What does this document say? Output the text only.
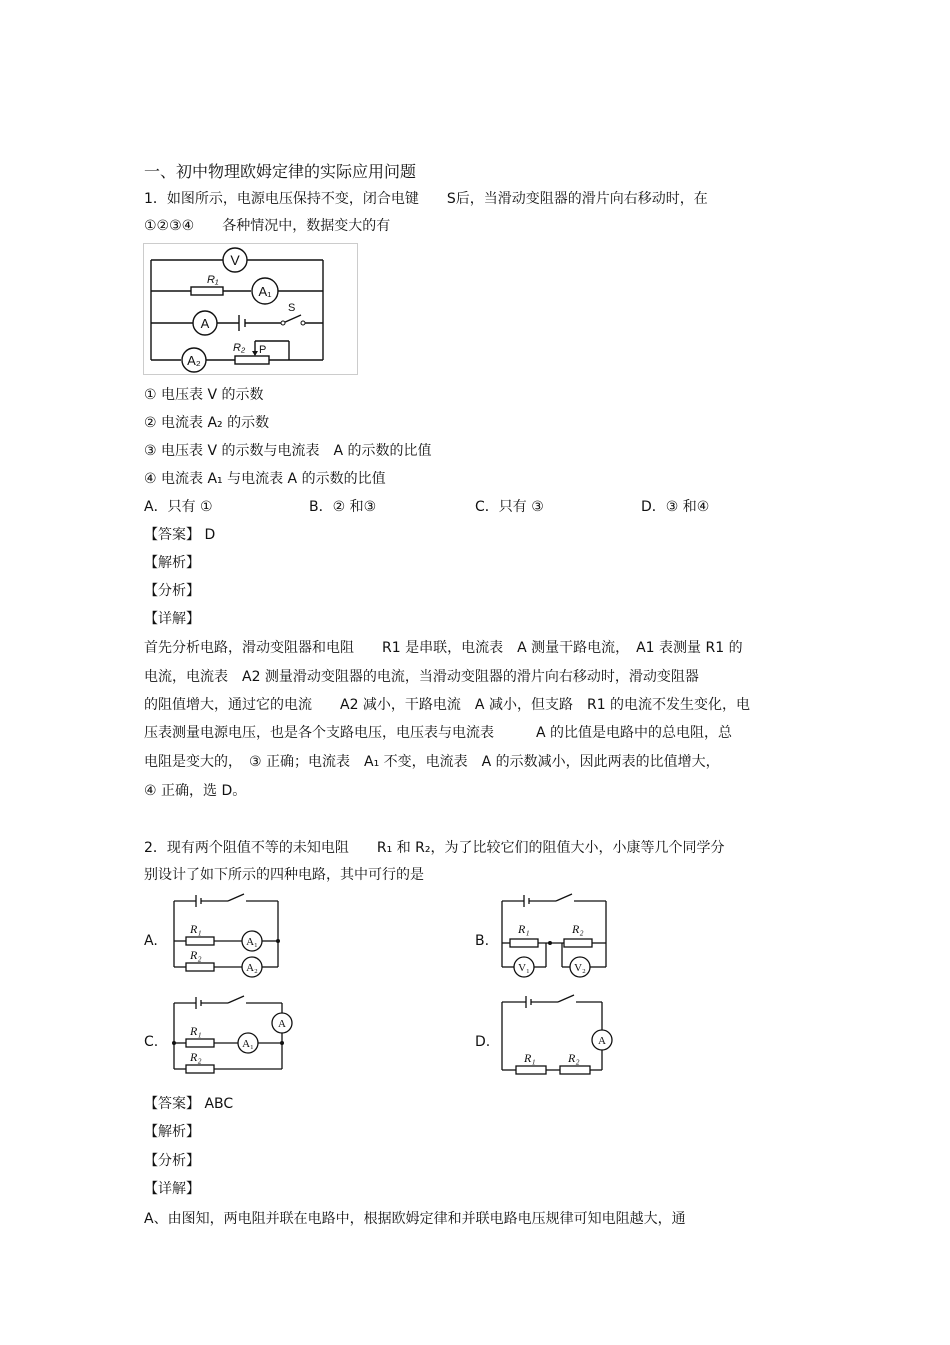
一、初中物理欧姆定律的实际应用问题
1．如图所示，电源电压保持不变，闭合电键　　S后，当滑动变阻器的滑片向右移动时，在
①②③④　　各种情况中，数据变大的有
V
R₁
A₁
A
S
A₂
R₂ P
① 电压表 V 的示数
② 电流表 A₂ 的示数
③ 电压表 V 的示数与电流表　A 的示数的比值
④ 电流表 A₁ 与电流表 A 的示数的比值
A．只有 ①	B．② 和③	C．只有 ③	D．③ 和④
【答案】 D
【解析】
【分析】
【详解】
首先分析电路，滑动变阻器和电阻　　R1 是串联，电流表　A 测量干路电流，　A1 表测量 R1 的
电流，电流表　A2 测量滑动变阻器的电流，当滑动变阻器的滑片向右移动时，滑动变阻器
的阻值增大，通过它的电流　　A2 减小，干路电流　A 减小，但支路　R1 的电流不发生变化，电
压表测量电源电压，也是各个支路电压，电压表与电流表　　　A 的比值是电路中的总电阻，总
电阻是变大的，　③ 正确；电流表　A₁ 不变，电流表　A 的示数减小，因此两表的比值增大，
④ 正确，选 D。
2．现有两个阻值不等的未知电阻　　R₁ 和 R₂，为了比较它们的阻值大小，小康等几个同学分
别设计了如下所示的四种电路，其中可行的是
A.	B.
C.	D.
R₁
R₂
A₁
A₂
R₁	R₂
V₁	V₂
R₁
R₂
A
A₁
R₁	R₂
A
【答案】 ABC
【解析】
【分析】
【详解】
A、由图知，两电阻并联在电路中，根据欧姆定律和并联电路电压规律可知电阻越大，通
